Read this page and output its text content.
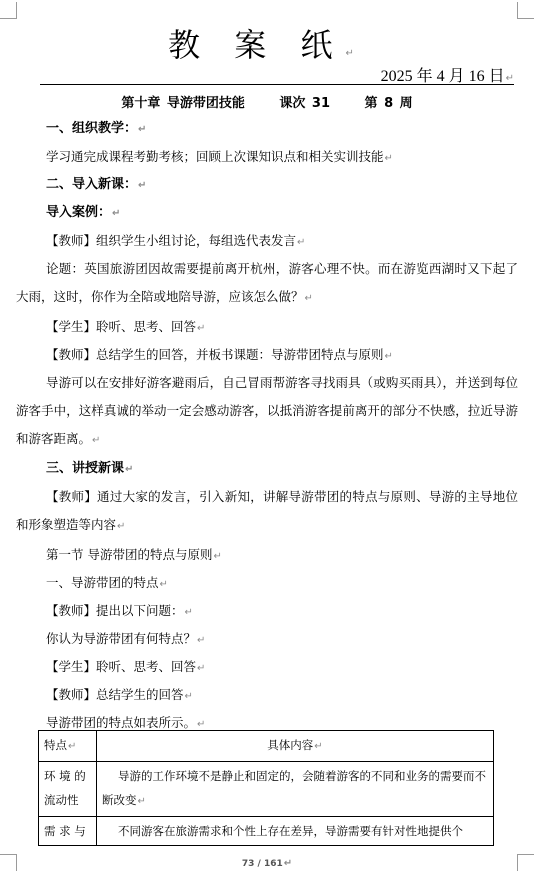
教 案 纸 ↵
2025 年 4 月 16 日 ↵
第十章 导游带团技能	课次 31	第 8 周
一、组织教学： ↵
学习通完成课程考勤考核；回顾上次课知识点和相关实训技能 ↵
二、导入新课： ↵
导入案例： ↵
【教师】组织学生小组讨论，每组选代表发言 ↵
论题：英国旅游团因故需要提前离开杭州，游客心理不快。而在游览西湖时又下起了大雨，这时，你作为全陪或地陪导游，应该怎么做？ ↵
【学生】聆听、思考、回答 ↵
【教师】总结学生的回答，并板书课题：导游带团特点与原则 ↵
导游可以在安排好游客避雨后，自己冒雨帮游客寻找雨具（或购买雨具），并送到每位游客手中，这样真诚的举动一定会感动游客，以抵消游客提前离开的部分不快感，拉近导游和游客距离。 ↵
三、讲授新课 ↵
【教师】通过大家的发言，引入新知，讲解导游带团的特点与原则、导游的主导地位和形象塑造等内容 ↵
第一节 导游带团的特点与原则 ↵
一、导游带团的特点 ↵
【教师】提出以下问题： ↵
你认为导游带团有何特点？ ↵
【学生】聆听、思考、回答 ↵
【教师】总结学生的回答 ↵
导游带团的特点如表所示。 ↵
特点 ↵	具体内容 ↵
环 境 的 流动性	导游的工作环境不是静止和固定的，会随着游客的不同和业务的需要而不断改变 ↵
需 求 与	不同游客在旅游需求和个性上存在差异，导游需要有针对性地提供个
73 / 161 ↵
